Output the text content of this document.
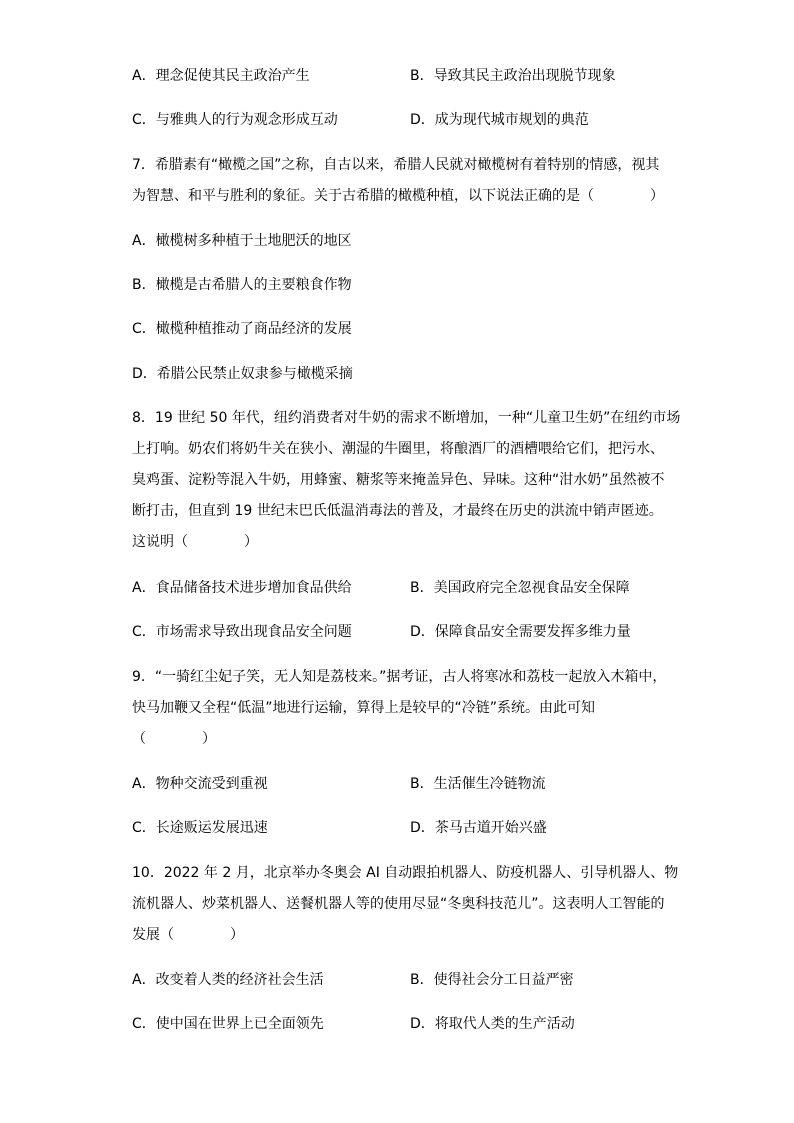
A．理念促使其民主政治产生	B．导致其民主政治出现脱节现象
C．与雅典人的行为观念形成互动	D．成为现代城市规划的典范
7．希腊素有“橄榄之国”之称，自古以来，希腊人民就对橄榄树有着特别的情感，视其
为智慧、和平与胜利的象征。关于古希腊的橄榄种植，以下说法正确的是（　　　　）
A．橄榄树多种植于土地肥沃的地区
B．橄榄是古希腊人的主要粮食作物
C．橄榄种植推动了商品经济的发展
D．希腊公民禁止奴隶参与橄榄采摘
8．19 世纪 50 年代，纽约消费者对牛奶的需求不断增加，一种“儿童卫生奶”在纽约市场
上打响。奶农们将奶牛关在狭小、潮湿的牛圈里，将酿酒厂的酒槽喂给它们，把污水、
臭鸡蛋、淀粉等混入牛奶，用蜂蜜、糖浆等来掩盖异色、异味。这种“泔水奶”虽然被不
断打击，但直到 19 世纪末巴氏低温消毒法的普及，才最终在历史的洪流中销声匿迹。
这说明（　　　　）
A．食品储备技术进步增加食品供给	B．美国政府完全忽视食品安全保障
C．市场需求导致出现食品安全问题	D．保障食品安全需要发挥多维力量
9．“一骑红尘妃子笑，无人知是荔枝来。”据考证，古人将寒冰和荔枝一起放入木箱中，
快马加鞭又全程“低温”地进行运输，算得上是较早的“冷链”系统。由此可知
（　　　　）
A．物种交流受到重视	B．生活催生冷链物流
C．长途贩运发展迅速	D．茶马古道开始兴盛
10．2022 年 2 月，北京举办冬奥会 AI 自动跟拍机器人、防疫机器人、引导机器人、物
流机器人、炒菜机器人、送餐机器人等的使用尽显“冬奥科技范儿”。这表明人工智能的
发展（　　　　）
A．改变着人类的经济社会生活	B．使得社会分工日益严密
C．使中国在世界上已全面领先	D．将取代人类的生产活动
